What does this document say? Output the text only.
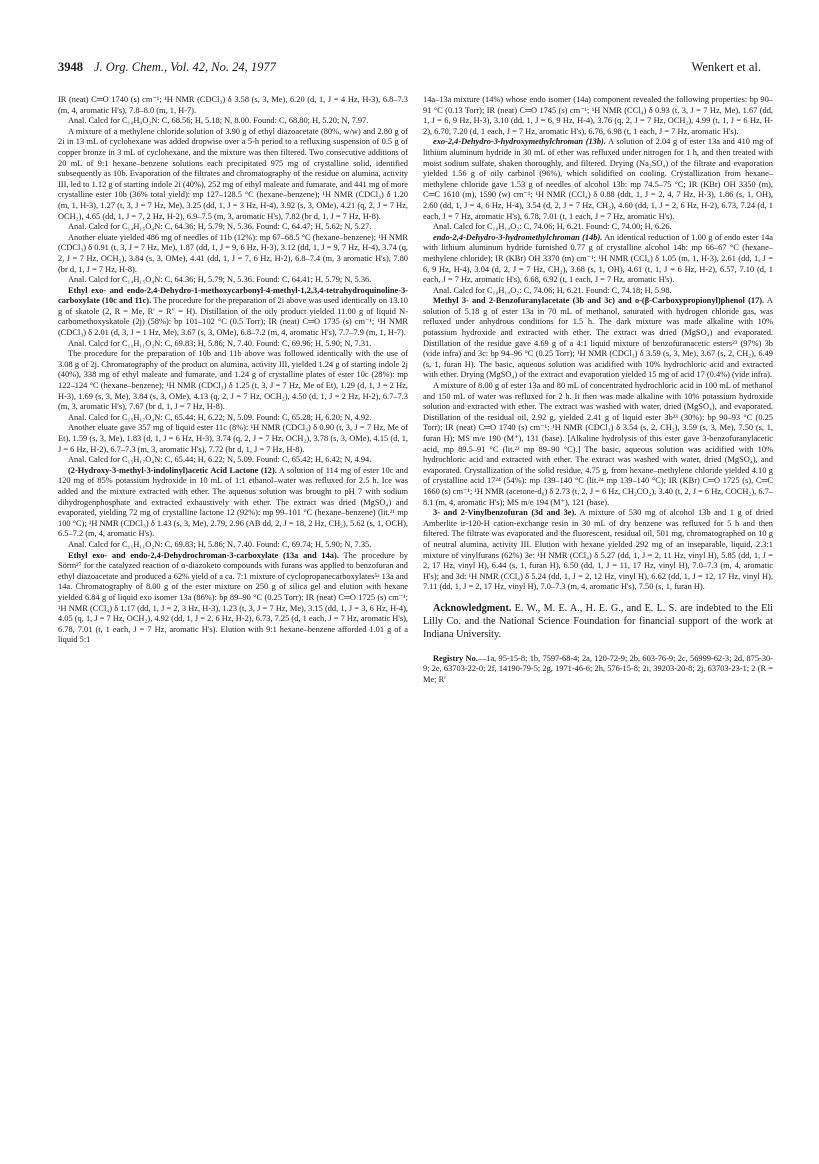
3948 J. Org. Chem., Vol. 42, No. 24, 1977	Wenkert et al.

IR (neat) C═O 1740 (s) cm⁻¹; ¹H NMR (CDCl₃) δ 3.58 (s, 3, Me), 6.20 (d, 1, J = 4 Hz, H-3), 6.8–7.3 (m, 4, aromatic H's), 7.8–8.0 (m, 1, H-7).

Anal. Calcd for C₁₀H₉O₂N: C, 68.56; H, 5.18; N, 8.00. Found: C, 68.80; H, 5.20; N, 7.97.

A mixture of a methylene chloride solution of 3.90 g of ethyl diazoacetate (80%, w/w) and 2.80 g of 2i in 13 mL of cyclohexane was added dropwise over a 5-h period to a refluxing suspension of 0.5 g of copper bronze in 3 mL of cyclohexane, and the mixture was then filtered. Two consecutive additions of 20 mL of 9:1 hexane–benzene solutions each precipitated 975 mg of crystalline solid, identified subsequently as 10b. Evaporation of the filtrates and chromatography of the residue on alumina, activity III, led to 1.12 g of starting indole 2i (40%), 252 mg of ethyl maleate and fumarate, and 441 mg of more crystalline ester 10b (36% total yield): mp 127–128.5 °C (hexane–benzene); ¹H NMR (CDCl₃) δ 1.20 (m, 1, H-3), 1.27 (t, 3, J = 7 Hz, Me), 3.25 (dd, 1, J = 3 Hz, H-4), 3.92 (s, 3, OMe), 4.21 (q, 2, J = 7 Hz, OCH₂), 4.65 (dd, 1, J = 7, 2 Hz, H-2), 6.9–7.5 (m, 3, aromatic H's), 7.82 (br d, 1, J = 7 Hz, H-8).

Anal. Calcd for C₁₄H₁₅O₄N: C, 64.36; H, 5.79; N, 5.36. Found: C, 64.47; H, 5.62; N, 5.27.

Another eluate yielded 486 mg of needles of 11b (12%): mp 67–68.5 °C (hexane–benzene); ¹H NMR (CDCl₃) δ 0.91 (t, 3, J = 7 Hz, Me), 1.87 (dd, 1, J = 9, 6 Hz, H-3), 3.12 (dd, 1, J = 9, 7 Hz, H-4), 3.74 (q, 2, J = 7 Hz, OCH₂), 3.84 (s, 3, OMe), 4.41 (dd, 1, J = 7, 6 Hz, H-2), 6.8–7.4 (m, 3 aromatic H's), 7.80 (br d, 1, J = 7 Hz, H-8).

Anal. Calcd for C₁₄H₁₅O₄N: C, 64.36; H, 5.79; N, 5.36. Found: C, 64.41; H, 5.79; N, 5.36.

Ethyl exo- and endo-2,4-Dehydro-1-methoxycarbonyl-4-methyl-1,2,3,4-tetrahydroquinoline-3-carboxylate (10c and 11c). The procedure for the preparation of 2i above was used identically on 13.10 g of skatole (2, R = Me, R′ = R″ = H). Distillation of the oily product yielded 11.00 g of liquid N-carbomethoxyskatole (2j) (58%): bp 101–102 °C (0.5 Torr); IR (neat) C═O 1735 (s) cm⁻¹; ¹H NMR (CDCl₃) δ 2.01 (d, 3, J = 1 Hz, Me), 3.67 (s, 3, OMe), 6.8–7.2 (m, 4, aromatic H's), 7.7–7.9 (m, 1, H-7).

Anal. Calcd for C₁₁H₁₁O₂N: C, 69.83; H, 5.86; N, 7.40. Found: C, 69.96; H, 5.90; N, 7.31.

The procedure for the preparation of 10b and 11b above was followed identically with the use of 3.08 g of 2j. Chromatography of the product on alumina, activity III, yielded 1.24 g of starting indole 2j (40%), 338 mg of ethyl maleate and fumarate, and 1.24 g of crystalline plates of ester 10c (28%): mp 122–124 °C (hexane–benzene); ¹H NMR (CDCl₃) δ 1.25 (t, 3, J = 7 Hz, Me of Et), 1.29 (d, 1, J = 2 Hz, H-3), 1.69 (s, 3, Me), 3.84 (s, 3, OMe), 4.13 (q, 2, J = 7 Hz, OCH₂), 4.50 (d, 1, J = 2 Hz, H-2), 6.7–7.3 (m, 3, aromatic H's), 7.67 (br d, 1, J = 7 Hz, H-8).

Anal. Calcd for C₁₅H₁₇O₄N: C, 65.44; H, 6.22; N, 5.09. Found: C, 65.28; H, 6.20; N, 4.92.

Another eluate gave 357 mg of liquid ester 11c (8%): ¹H NMR (CDCl₃) δ 0.90 (t, 3, J = 7 Hz, Me of Et), 1.59 (s, 3, Me), 1.83 (d, 1, J = 6 Hz, H-3), 3.74 (q, 2, J = 7 Hz, OCH₂), 3.78 (s, 3, OMe), 4.15 (d, 1, J = 6 Hz, H-2), 6.7–7.3 (m, 3, aromatic H's), 7.72 (br d, 1, J = 7 Hz, H-8).

Anal. Calcd for C₁₅H₁₇O₄N: C, 65.44; H, 6.22; N, 5.09. Found: C, 65.42; H, 6.42; N, 4.94.

(2-Hydroxy-3-methyl-3-indolinyl)acetic Acid Lactone (12). A solution of 114 mg of ester 10c and 120 mg of 85% potassium hydroxide in 10 mL of 1:1 ethanol–water was refluxed for 2.5 h. Ice was added and the mixture extracted with ether. The aqueous solution was brought to pH 7 with sodium dihydrogenphosphate and extracted exhaustively with ether. The extract was dried (MgSO₄) and evaporated, yielding 72 mg of crystalline lactone 12 (92%): mp 99–101 °C (hexane–benzene) (lit.²¹ mp 100 °C); ¹H NMR (CDCl₃) δ 1.43 (s, 3, Me), 2.79, 2.96 (AB dd, 2, J = 18, 2 Hz, CH₂), 5.62 (s, 1, OCH), 6.5–7.2 (m, 4, aromatic H's).

Anal. Calcd for C₁₁H₁₁O₂N: C, 69.83; H, 5.86; N, 7.40. Found: C, 69.74; H, 5.90; N, 7.35.

Ethyl exo- and endo-2,4-Dehydrochroman-3-carboxylate (13a and 14a). The procedure by Sörm²⁷ for the catalyzed reaction of α-diazoketo compounds with furans was applied to benzofuran and ethyl diazoacetate and produced a 62% yield of a ca. 7:1 mixture of cyclopropanecarboxylates⁵ᵃ 13a and 14a. Chromatography of 8.00 g of the ester mixture on 250 g of silica gel and elution with hexane yielded 6.84 g of liquid exo isomer 13a (86%): bp 89–90 °C (0.25 Torr); IR (neat) C═O 1725 (s) cm⁻¹; ¹H NMR (CCl₄) δ 1.17 (dd, 1, J = 2, 3 Hz, H-3), 1.23 (t, 3, J = 7 Hz, Me), 3.15 (dd, 1, J = 3, 6 Hz, H-4), 4.05 (q, 1, J = 7 Hz, OCH₂), 4.92 (dd, 1, J = 2, 6 Hz, H-2), 6.73, 7.25 (d, 1 each, J = 7 Hz, aromatic H's), 6.78, 7.01 (t, 1 each, J = 7 Hz, aromatic H's). Elution with 9:1 hexane–benzene afforded 1.01 g of a liquid 5:1

14a–13a mixture (14%) whose endo isomer (14a) component revealed the following properties: bp 90–91 °C (0.13 Torr); IR (neat) C═O 1745 (s) cm⁻¹; ¹H NMR (CCl₄) δ 0.93 (t, 3, J = 7 Hz, Me), 1.67 (dd, 1, J = 6, 9 Hz, H-3), 3.10 (dd, 1, J = 6, 9 Hz, H-4), 3.76 (q, 2, J = 7 Hz, OCH₂), 4.99 (t, 1, J = 6 Hz, H-2), 6.70, 7.20 (d, 1 each, J = 7 Hz, aromatic H's), 6.76, 6.98 (t, 1 each, J = 7 Hz, aromatic H's).

exo-2,4-Dehydro-3-hydroxymethylchroman (13b). A solution of 2.04 g of ester 13a and 410 mg of lithium aluminum hydride in 30 mL of ether was refluxed under nitrogen for 1 h, and then treated with moist sodium sulfate, shaken thoroughly, and filtered. Drying (Na₂SO₄) of the filtrate and evaporation yielded 1.56 g of oily carbinol (96%), which solidified on cooling. Crystallization from hexane–methylene chloride gave 1.53 g of needles of alcohol 13b: mp 74.5–75 °C; IR (KBr) OH 3350 (m), C═C 1610 (m), 1590 (w) cm⁻¹; ¹H NMR (CCl₄) δ 0.88 (ddt, 1, J = 2, 4, 7 Hz, H-3), 1.86 (s, 1, OH), 2.60 (dd, 1, J = 4, 6 Hz, H-4), 3.54 (d, 2, J = 7 Hz, CH₂), 4.60 (dd, 1, J = 2, 6 Hz, H-2), 6.73, 7.24 (d, 1 each, J = 7 Hz, aromatic H's), 6.78, 7.01 (t, 1 each, J = 7 Hz, aromatic H's).

Anal. Calcd for C₁₀H₁₀O₂: C, 74.06; H, 6.21. Found: C, 74.00; H, 6.26.

endo-2,4-Dehydro-3-hydromethylchroman (14b). An identical reduction of 1.00 g of endo ester 14a with lithium aluminum hydride furnished 0.77 g of crystalline alcohol 14b: mp 66–67 °C (hexane–methylene chloride); IR (KBr) OH 3370 (m) cm⁻¹; ¹H NMR (CCl₄) δ 1.05 (m, 1, H-3), 2.61 (dd, 1, J = 6, 9 Hz, H-4), 3.04 (d, 2, J = 7 Hz, CH₂), 3.68 (s, 1, OH), 4.61 (t, 1, J = 6 Hz, H-2), 6.57, 7.10 (d, 1 each, J = 7 Hz, aromatic H's), 6.68, 6.92 (t, 1 each, J = 7 Hz, aromatic H's).

Anal. Calcd for C₁₀H₁₀O₂: C, 74.06; H, 6.21. Found: C, 74.18; H, 5.98.

Methyl 3- and 2-Benzofuranylacetate (3b and 3c) and o-(β-Carboxypropionyl)phenol (17). A solution of 5.18 g of ester 13a in 70 mL of methanol, saturated with hydrogen chloride gas, was refluxed under anhydrous conditions for 1.5 h. The dark mixture was made alkaline with 10% potassium hydroxide and extracted with ether. The extract was dried (MgSO₄) and evaporated. Distillation of the residue gave 4.69 g of a 4:1 liquid mixture of benzofuranacetic esters²³ (97%) 3b (vide infra) and 3c: bp 94–96 °C (0.25 Torr); ¹H NMR (CDCl₃) δ 3.59 (s, 3, Me), 3.67 (s, 2, CH₂), 6.49 (s, 1, furan H). The basic, aqueous solution was acidified with 10% hydrochloric acid and extracted with ether. Drying (MgSO₄) of the extract and evaporation yielded 15 mg of acid 17 (0.4%) (vide infra).

A mixture of 8.00 g of ester 13a and 80 mL of concentrated hydrochloric acid in 100 mL of methanol and 150 mL of water was refluxed for 2 h. It then was made alkaline with 10% potassium hydroxide solution and extracted with ether. The extract was washed with water, dried (MgSO₄), and evaporated. Distillation of the residual oil, 2.92 g, yielded 2.41 g of liquid ester 3b²³ (30%): bp 90–93 °C (0.25 Torr); IR (neat) C═O 1740 (s) cm⁻¹; ¹H NMR (CDCl₃) δ 3.54 (s, 2, CH₂), 3.59 (s, 3, Me), 7.50 (s, 1, furan H); MS m/e 190 (M⁺), 131 (base). [Alkaline hydrolysis of this ester gave 3-benzofuranylacetic acid, mp 89.5–91 °C (lit.²³ mp 89–90 °C).] The basic, aqueous solution was acidified with 10% hydrochloric acid and extracted with ether. The extract was washed with water, dried (MgSO₄), and evaporated. Crystallization of the solid residue, 4.75 g, from hexane–methylene chloride yielded 4.10 g of crystalline acid 17²⁴ (54%): mp 139–140 °C (lit.²⁴ mp 139–140 °C); IR (KBr) C═O 1725 (s), C═C 1660 (s) cm⁻¹; ¹H NMR (acetone-d₆) δ 2.73 (t, 2, J = 6 Hz, CH₂CO₂), 3.40 (t, 2, J = 6 Hz, COCH₂), 6.7–8.1 (m, 4, aromatic H's); MS m/e 194 (M⁺), 121 (base).

3- and 2-Vinylbenzofuran (3d and 3e). A mixture of 530 mg of alcohol 13b and 1 g of dried Amberlite ir-120-H cation-exchange resin in 30 mL of dry benzene was refluxed for 5 h and then filtered. The filtrate was evaporated and the fluorescent, residual oil, 501 mg, chromatographed on 10 g of neutral alumina, activity III. Elution with hexane yielded 292 mg of an inseparable, liquid, 2.3:1 mixture of vinylfurans (62%) 3e: ¹H NMR (CCl₄) δ 5.27 (dd, 1, J = 2, 11 Hz, vinyl H), 5.85 (dd, 1, J = 2, 17 Hz, vinyl H), 6.44 (s, 1, furan H), 6.50 (dd, 1, J = 11, 17 Hz, vinyl H), 7.0–7.3 (m, 4, aromatic H's); and 3d: ¹H NMR (CCl₄) δ 5.24 (dd, 1, J = 2, 12 Hz, vinyl H), 6.62 (dd, 1, J = 12, 17 Hz, vinyl H), 7.11 (dd, 1, J = 2, 17 Hz, vinyl H), 7.0–7.3 (m, 4, aromatic H's), 7.50 (s, 1, furan H).

Acknowledgment. E. W., M. E. A., H. E. G., and E. L. S. are indebted to the Eli Lilly Co. and the National Science Foundation for financial support of the work at Indiana University.

Registry No.—1a, 95-15-8; 1b, 7597-68-4; 2a, 120-72-9; 2b, 603-76-9; 2c, 56999-62-3; 2d, 875-30-9; 2e, 63703-22-0; 2f, 14190-79-5; 2g, 1971-46-6; 2h, 576-15-8; 2i, 39203-20-8; 2j, 63703-23-1; 2 (R = Me; R′
